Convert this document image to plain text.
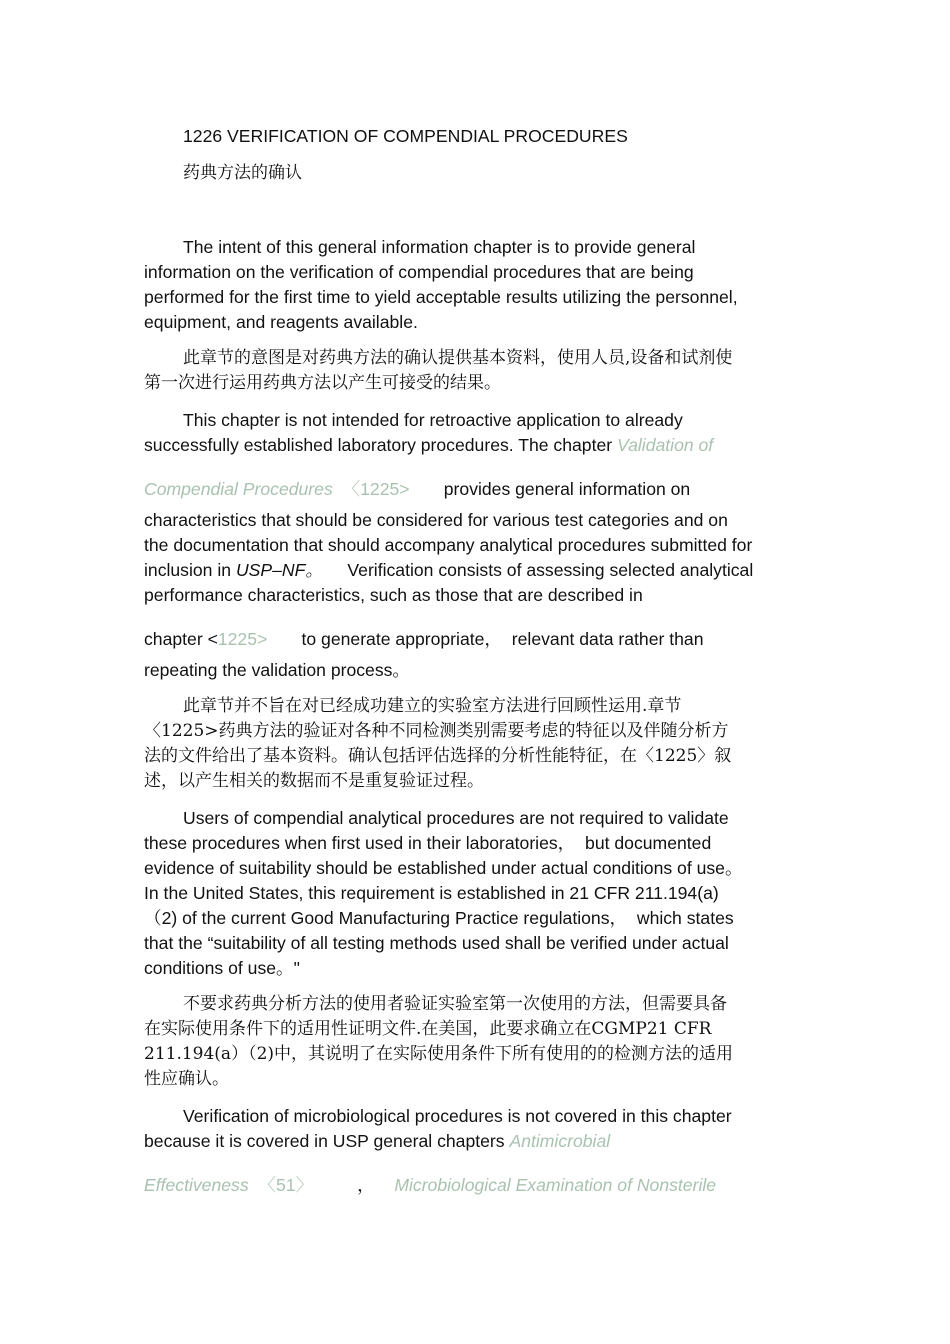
1226 VERIFICATION OF COMPENDIAL PROCEDURES
药典方法的确认
The intent of this general information chapter is to provide general
information on the verification of compendial procedures that are being
performed for the first time to yield acceptable results utilizing the personnel,
equipment, and reagents available.
此章节的意图是对药典方法的确认提供基本资料，使用人员,设备和试剂使
第一次进行运用药典方法以产生可接受的结果。
This chapter is not intended for retroactive application to already
successfully established laboratory procedures. The chapter Validation of
Compendial Procedures  〈1225>       provides general information on
characteristics that should be considered for various test categories and on
the documentation that should accompany analytical procedures submitted for
inclusion in USP–NF。     Verification consists of assessing selected analytical
performance characteristics, such as those that are described in
chapter <1225>       to generate appropriate，  relevant data rather than
repeating the validation process。
此章节并不旨在对已经成功建立的实验室方法进行回顾性运用.章节
〈1225>药典方法的验证对各种不同检测类别需要考虑的特征以及伴随分析方
法的文件给出了基本资料。确认包括评估选择的分析性能特征，在〈1225〉叙
述，以产生相关的数据而不是重复验证过程。
Users of compendial analytical procedures are not required to validate
these procedures when first used in their laboratories，  but documented
evidence of suitability should be established under actual conditions of use。
In the United States, this requirement is established in 21 CFR 211.194(a)
（2) of the current Good Manufacturing Practice regulations，  which states
that the “suitability of all testing methods used shall be verified under actual
conditions of use。"
不要求药典分析方法的使用者验证实验室第一次使用的方法，但需要具备
在实际使用条件下的适用性证明文件.在美国，此要求确立在CGMP21 CFR
211.194(a）（2)中，其说明了在实际使用条件下所有使用的的检测方法的适用
性应确认。
Verification of microbiological procedures is not covered in this chapter
because it is covered in USP general chapters Antimicrobial
Effectiveness  〈51〉         ，    Microbiological Examination of Nonsterile
